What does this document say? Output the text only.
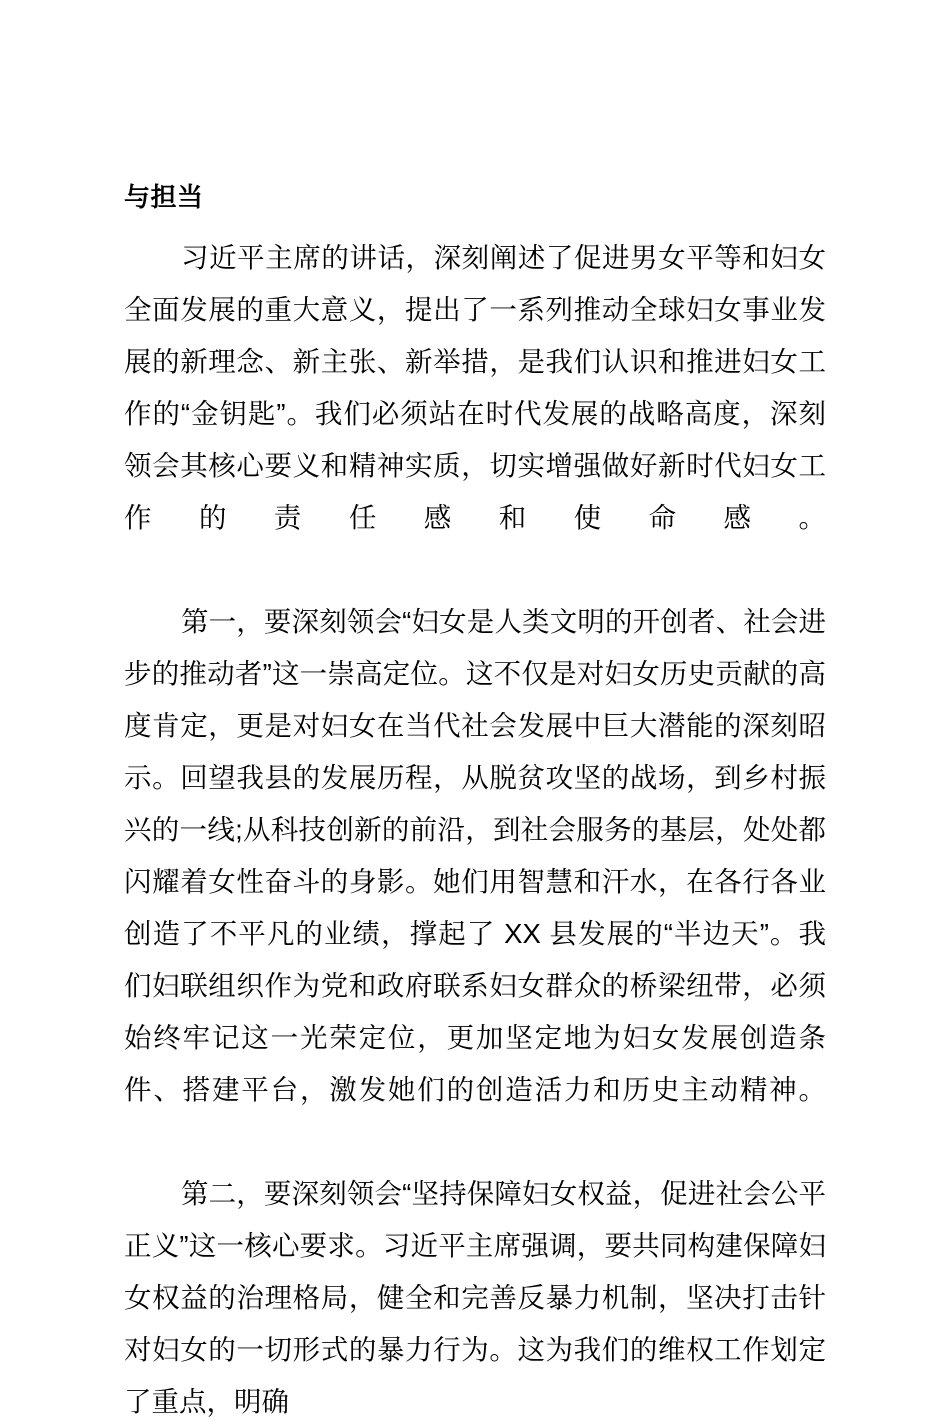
与担当

习近平主席的讲话，深刻阐述了促进男女平等和妇女全面发展的重大意义，提出了一系列推动全球妇女事业发展的新理念、新主张、新举措，是我们认识和推进妇女工作的“金钥匙”。我们必须站在时代发展的战略高度，深刻领会其核心要义和精神实质，切实增强做好新时代妇女工作的责任感和使命感。

第一，要深刻领会“妇女是人类文明的开创者、社会进步的推动者”这一崇高定位。这不仅是对妇女历史贡献的高度肯定，更是对妇女在当代社会发展中巨大潜能的深刻昭示。回望我县的发展历程，从脱贫攻坚的战场，到乡村振兴的一线;从科技创新的前沿，到社会服务的基层，处处都闪耀着女性奋斗的身影。她们用智慧和汗水，在各行各业创造了不平凡的业绩，撑起了 XX 县发展的“半边天”。我们妇联组织作为党和政府联系妇女群众的桥梁纽带，必须始终牢记这一光荣定位，更加坚定地为妇女发展创造条件、搭建平台，激发她们的创造活力和历史主动精神。

第二，要深刻领会“坚持保障妇女权益，促进社会公平正义”这一核心要求。习近平主席强调，要共同构建保障妇女权益的治理格局，健全和完善反暴力机制，坚决打击针对妇女的一切形式的暴力行为。这为我们的维权工作划定了重点，明确
